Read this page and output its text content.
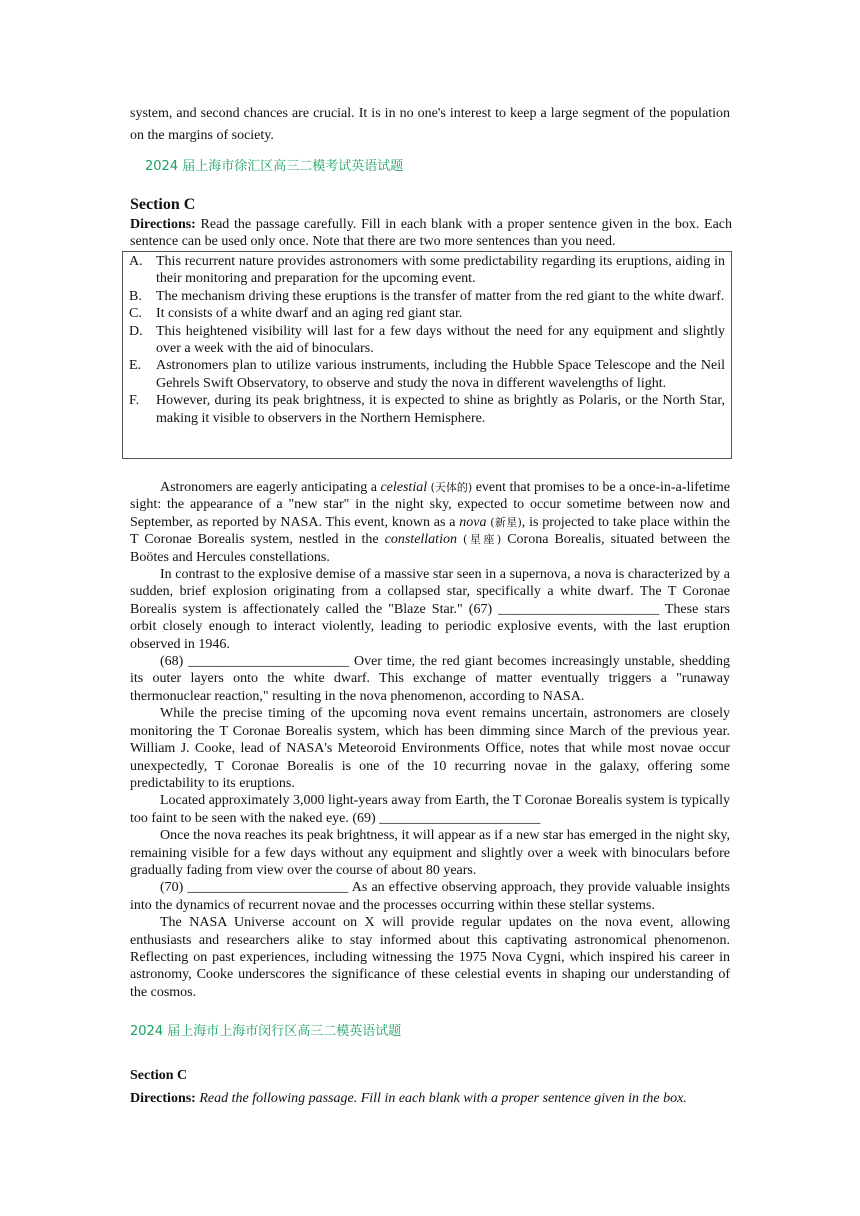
system, and second chances are crucial. It is in no one's interest to keep a large segment of the population on the margins of society.
2024 届上海市徐汇区高三二模考试英语试题
Section C
Directions: Read the passage carefully. Fill in each blank with a proper sentence given in the box. Each sentence can be used only once. Note that there are two more sentences than you need.
A. This recurrent nature provides astronomers with some predictability regarding its eruptions, aiding in their monitoring and preparation for the upcoming event.
B.	The mechanism driving these eruptions is the transfer of matter from the red giant to the white dwarf.
C.	It consists of a white dwarf and an aging red giant star.
D. This heightened visibility will last for a few days without the need for any equipment and slightly over a week with the aid of binoculars.
E.	Astronomers plan to utilize various instruments, including the Hubble Space Telescope and the Neil Gehrels Swift Observatory, to observe and study the nova in different wavelengths of light.
F.	However, during its peak brightness, it is expected to shine as brightly as Polaris, or the North Star, making it visible to observers in the Northern Hemisphere.

Astronomers are eagerly anticipating a celestial (天体的) event that promises to be a once-in-a-lifetime sight: the appearance of a "new star" in the night sky, expected to occur sometime between now and September, as reported by NASA. This event, known as a nova (新星), is projected to take place within the T Coronae Borealis system, nestled in the constellation (星座) Corona Borealis, situated between the Boötes and Hercules constellations.

In contrast to the explosive demise of a massive star seen in a supernova, a nova is characterized by a sudden, brief explosion originating from a collapsed star, specifically a white dwarf. The T Coronae Borealis system is affectionately called the "Blaze Star." (67) _______________________ These stars orbit closely enough to interact violently, leading to periodic explosive events, with the last eruption observed in 1946.

(68) _______________________ Over time, the red giant becomes increasingly unstable, shedding its outer layers onto the white dwarf. This exchange of matter eventually triggers a "runaway thermonuclear reaction," resulting in the nova phenomenon, according to NASA.

While the precise timing of the upcoming nova event remains uncertain, astronomers are closely monitoring the T Coronae Borealis system, which has been dimming since March of the previous year. William J. Cooke, lead of NASA's Meteoroid Environments Office, notes that while most novae occur unexpectedly, T Coronae Borealis is one of the 10 recurring novae in the galaxy, offering some predictability to its eruptions.

Located approximately 3,000 light-years away from Earth, the T Coronae Borealis system is typically too faint to be seen with the naked eye. (69) _______________________

Once the nova reaches its peak brightness, it will appear as if a new star has emerged in the night sky, remaining visible for a few days without any equipment and slightly over a week with binoculars before gradually fading from view over the course of about 80 years.

(70) _______________________ As an effective observing approach, they provide valuable insights into the dynamics of recurrent novae and the processes occurring within these stellar systems.

The NASA Universe account on X will provide regular updates on the nova event, allowing enthusiasts and researchers alike to stay informed about this captivating astronomical phenomenon. Reflecting on past experiences, including witnessing the 1975 Nova Cygni, which inspired his career in astronomy, Cooke underscores the significance of these celestial events in shaping our understanding of the cosmos.

2024 届上海市上海市闵行区高三二模英语试题
Section C
Directions: Read the following passage. Fill in each blank with a proper sentence given in the box.
